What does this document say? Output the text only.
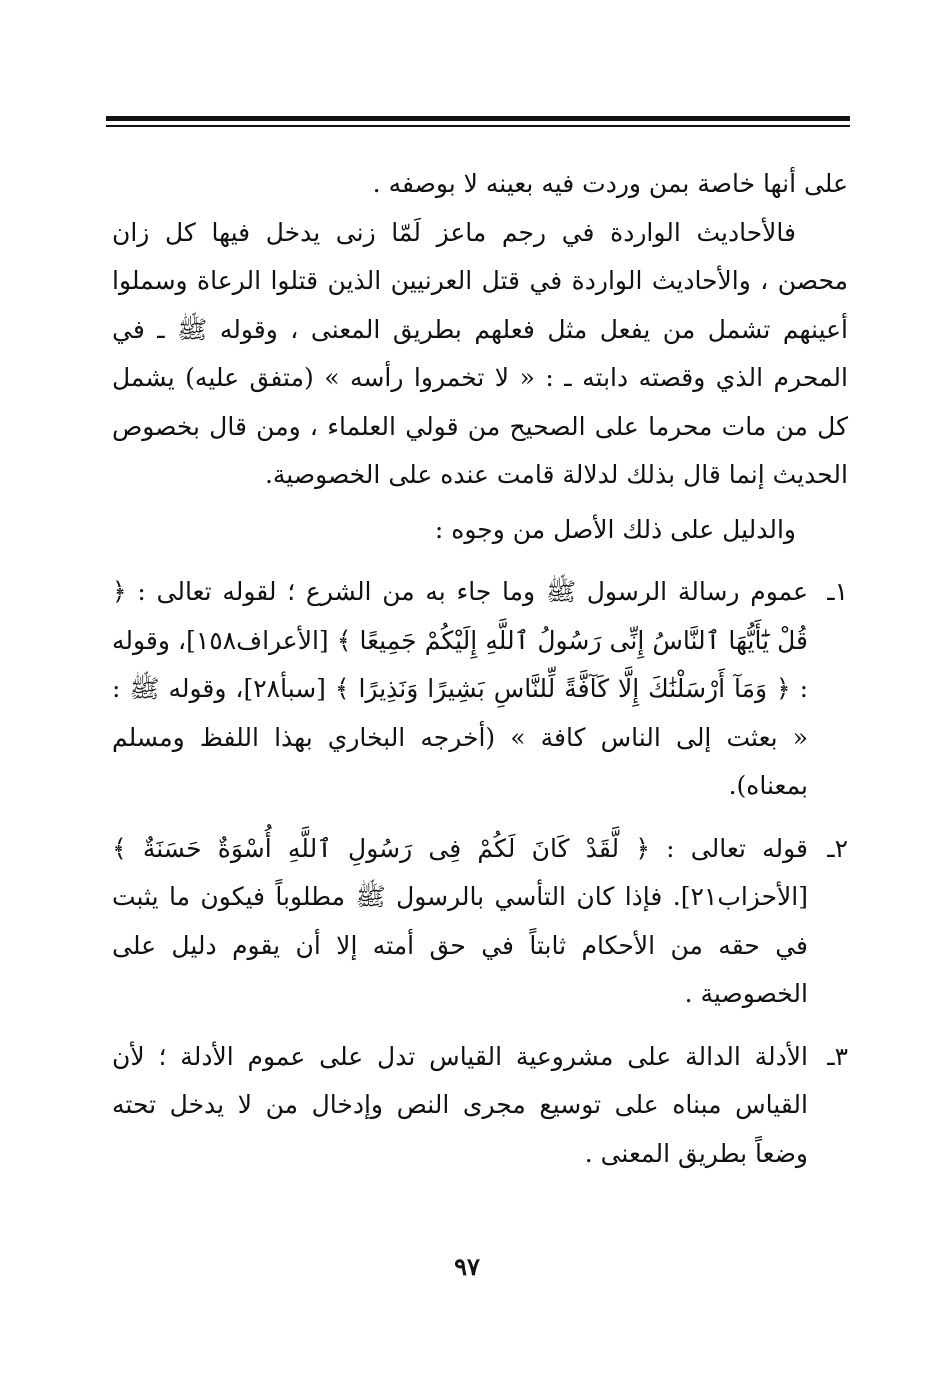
على أنها خاصة بمن وردت فيه بعينه لا بوصفه .

فالأحاديث الواردة في رجم ماعز لَمّا زنى يدخل فيها كل زان محصن ، والأحاديث الواردة في قتل العرنيين الذين قتلوا الرعاة وسملوا أعينهم تشمل من يفعل مثل فعلهم بطريق المعنى ، وقوله ﷺ ـ في المحرم الذي وقصته دابته ـ : « لا تخمروا رأسه » (متفق عليه) يشمل كل من مات محرما على الصحيح من قولي العلماء ، ومن قال بخصوص الحديث إنما قال بذلك لدلالة قامت عنده على الخصوصية.

والدليل على ذلك الأصل من وجوه :

١ـ
عموم رسالة الرسول ﷺ وما جاء به من الشرع ؛ لقوله تعالى : ﴿ قُلْ يَٰٓأَيُّهَا ٱلنَّاسُ إِنِّى رَسُولُ ٱللَّهِ إِلَيْكُمْ جَمِيعًا ﴾ [الأعراف١٥٨]، وقوله : ﴿ وَمَآ أَرْسَلْنَٰكَ إِلَّا كَآفَّةً لِّلنَّاسِ بَشِيرًا وَنَذِيرًا ﴾ [سبأ٢٨]، وقوله ﷺ : « بعثت إلى الناس كافة » (أخرجه البخاري بهذا اللفظ ومسلم بمعناه).
٢ـ
قوله تعالى : ﴿ لَّقَدْ كَانَ لَكُمْ فِى رَسُولِ ٱللَّهِ أُسْوَةٌ حَسَنَةٌ ﴾ [الأحزاب٢١]. فإذا كان التأسي بالرسول ﷺ مطلوباً فيكون ما يثبت في حقه من الأحكام ثابتاً في حق أمته إلا أن يقوم دليل على الخصوصية .
٣ـ
الأدلة الدالة على مشروعية القياس تدل على عموم الأدلة ؛ لأن القياس مبناه على توسيع مجرى النص وإدخال من لا يدخل تحته وضعاً بطريق المعنى .
٩٧
